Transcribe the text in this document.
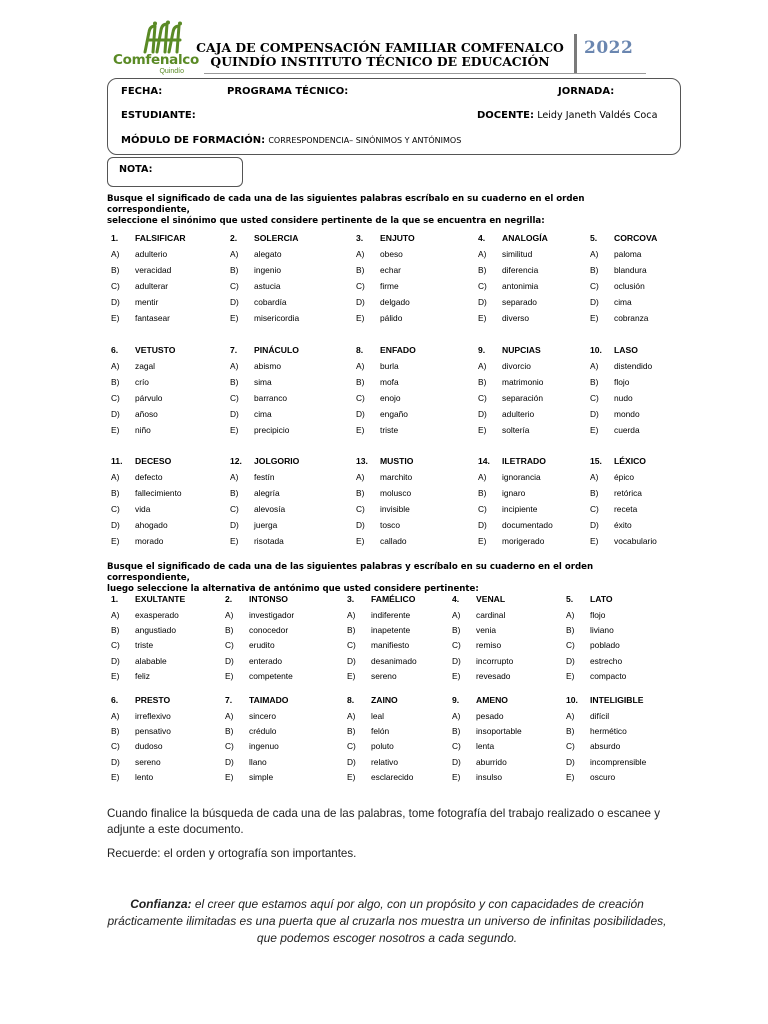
Comfenalco
Quindío
CAJA DE COMPENSACIÓN FAMILIAR COMFENALCO
QUINDÍO INSTITUTO TÉCNICO DE EDUCACIÓN
2022
FECHA:	PROGRAMA TÉCNICO:	JORNADA:
ESTUDIANTE:	DOCENTE: Leidy Janeth Valdés Coca
MÓDULO DE FORMACIÓN: CORRESPONDENCIA– SINÓNIMOS Y ANTÓNIMOS
NOTA:
Busque el significado de cada una de las siguientes palabras escríbalo en su cuaderno en el orden correspondiente,
seleccione el sinónimo que usted considere pertinente de la que se encuentra en negrilla:
1. FALSIFICAR
A) adulterio
B) veracidad
C) adulterar
D) mentir
E) fantasear
2. SOLERCIA
A) alegato
B) ingenio
C) astucia
D) cobardía
E) misericordia
3. ENJUTO
A) obeso
B) echar
C) firme
D) delgado
E) pálido
4. ANALOGÍA
A) similitud
B) diferencia
C) antonimia
D) separado
E) diverso
5. CORCOVA
A) paloma
B) blandura
C) oclusión
D) cima
E) cobranza
6. VETUSTO
A) zagal
B) crío
C) párvulo
D) añoso
E) niño
7. PINÁCULO
A) abismo
B) sima
C) barranco
D) cima
E) precipicio
8. ENFADO
A) burla
B) mofa
C) enojo
D) engaño
E) triste
9. NUPCIAS
A) divorcio
B) matrimonio
C) separación
D) adulterio
E) soltería
10. LASO
A) distendido
B) flojo
C) nudo
D) mondo
E) cuerda
11. DECESO
A) defecto
B) fallecimiento
C) vida
D) ahogado
E) morado
12. JOLGORIO
A) festín
B) alegría
C) alevosía
D) juerga
E) risotada
13. MUSTIO
A) marchito
B) molusco
C) invisible
D) tosco
E) callado
14. ILETRADO
A) ignorancia
B) ignaro
C) incipiente
D) documentado
E) morigerado
15. LÉXICO
A) épico
B) retórica
C) receta
D) éxito
E) vocabulario
Busque el significado de cada una de las siguientes palabras y escríbalo en su cuaderno en el orden correspondiente,
luego seleccione la alternativa de antónimo que usted considere pertinente:
1. EXULTANTE
A) exasperado
B) angustiado
C) triste
D) alabable
E) feliz
2. INTONSO
A) investigador
B) conocedor
C) erudito
D) enterado
E) competente
3. FAMÉLICO
A) indiferente
B) inapetente
C) manifiesto
D) desanimado
E) sereno
4. VENAL
A) cardinal
B) venia
C) remiso
D) incorrupto
E) revesado
5. LATO
A) flojo
B) liviano
C) poblado
D) estrecho
E) compacto
6. PRESTO
A) irreflexivo
B) pensativo
C) dudoso
D) sereno
E) lento
7. TAIMADO
A) sincero
B) crédulo
C) ingenuo
D) llano
E) simple
8. ZAINO
A) leal
B) felón
C) poluto
D) relativo
E) esclarecido
9. AMENO
A) pesado
B) insoportable
C) lenta
D) aburrido
E) insulso
10. INTELIGIBLE
A) difícil
B) hermético
C) absurdo
D) incomprensible
E) oscuro
Cuando finalice la búsqueda de cada una de las palabras, tome fotografía del trabajo realizado o escanee y
adjunte a este documento.
Recuerde: el orden y ortografía son importantes.
Confianza: el creer que estamos aquí por algo, con un propósito y con capacidades de creación prácticamente ilimitadas es una puerta que al cruzarla nos muestra un universo de infinitas posibilidades, que podemos escoger nosotros a cada segundo.
